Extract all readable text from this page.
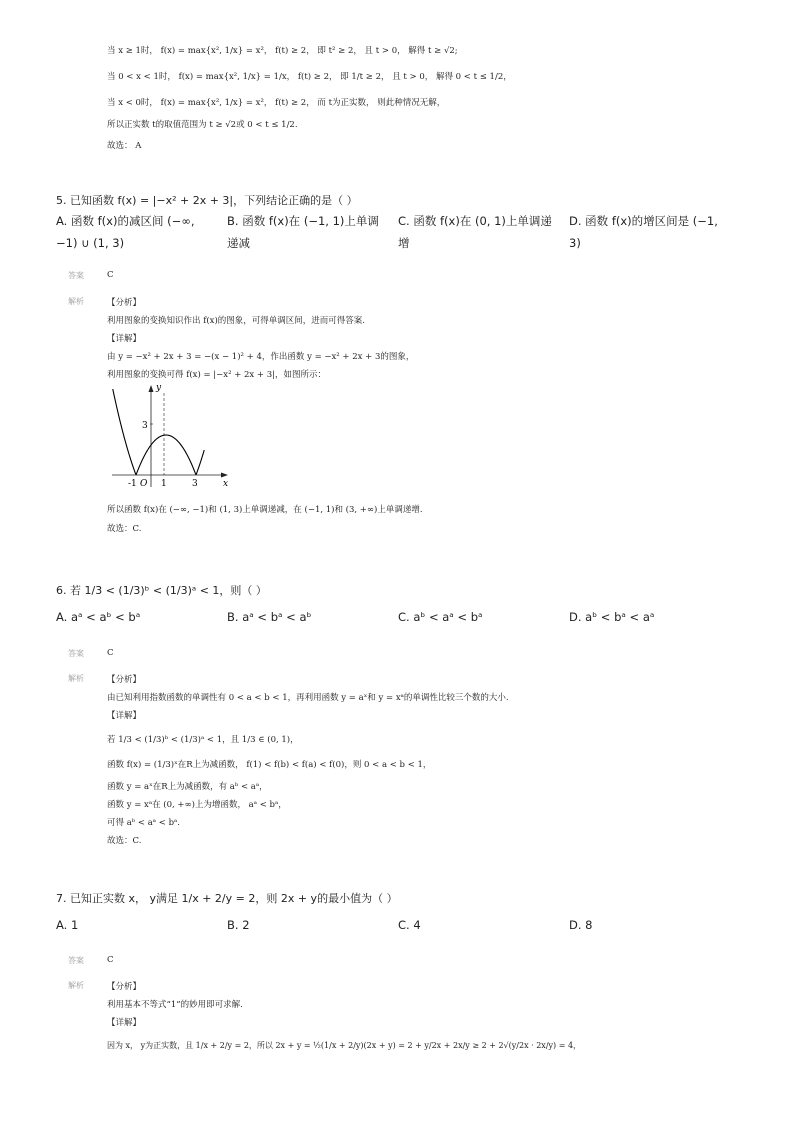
当 x ≥ 1时， f(x) = max{x², 1/x} = x²， f(t) ≥ 2， 即 t² ≥ 2， 且 t > 0， 解得 t ≥ √2;
当 0 < x < 1时， f(x) = max{x², 1/x} = 1/x， f(t) ≥ 2， 即 1/t ≥ 2， 且 t > 0， 解得 0 < t ≤ 1/2，
当 x < 0时， f(x) = max{x², 1/x} = x²， f(t) ≥ 2， 而 t为正实数， 则此种情况无解，
所以正实数 t的取值范围为 t ≥ √2或 0 < t ≤ 1/2.
故选： A
5. 已知函数 f(x) = |−x² + 2x + 3|，下列结论正确的是（ ）
A. 函数 f(x)的减区间 (−∞, −1) ∪ (1, 3)
B. 函数 f(x)在 (−1, 1)上单调递减
C. 函数 f(x)在 (0, 1)上单调递增
D. 函数 f(x)的增区间是 (−1, 3)
答案	C
解析	【分析】
利用图象的变换知识作出 f(x)的图象，可得单调区间，进而可得答案.
【详解】
由 y = −x² + 2x + 3 = −(x − 1)² + 4，作出函数 y = −x² + 2x + 3的图象，
利用图象的变换可得 f(x) = |−x² + 2x + 3|，如图所示：
y
x
O
3
-1	1	3
所以函数 f(x)在 (−∞, −1)和 (1, 3)上单调递减，在 (−1, 1)和 (3, +∞)上单调递增.
故选：C.
6. 若 1/3 < (1/3)ᵇ < (1/3)ᵃ < 1，则（ ）
A. aᵃ < aᵇ < bᵃ	B. aᵃ < bᵃ < aᵇ	C. aᵇ < aᵃ < bᵃ	D. aᵇ < bᵃ < aᵃ
答案	C
解析	【分析】
由已知利用指数函数的单调性有 0 < a < b < 1，再利用函数 y = aˣ和 y = xᵃ的单调性比较三个数的大小.
【详解】
若 1/3 < (1/3)ᵇ < (1/3)ᵃ < 1，且 1/3 ∈ (0, 1)，
函数 f(x) = (1/3)ˣ在R上为减函数， f(1) < f(b) < f(a) < f(0)，则 0 < a < b < 1，
函数 y = aˣ在R上为减函数，有 aᵇ < aᵃ，
函数 y = xᵃ在 (0, +∞)上为增函数， aᵃ < bᵃ，
可得 aᵇ < aᵃ < bᵃ.
故选：C.
7. 已知正实数 x， y满足 1/x + 2/y = 2，则 2x + y的最小值为（ ）
A. 1	B. 2	C. 4	D. 8
答案	C
解析	【分析】
利用基本不等式“1”的妙用即可求解.
【详解】
因为 x， y为正实数，且 1/x + 2/y = 2，所以 2x + y = ½(1/x + 2/y)(2x + y) = 2 + y/2x + 2x/y ≥ 2 + 2√(y/2x · 2x/y) = 4，
